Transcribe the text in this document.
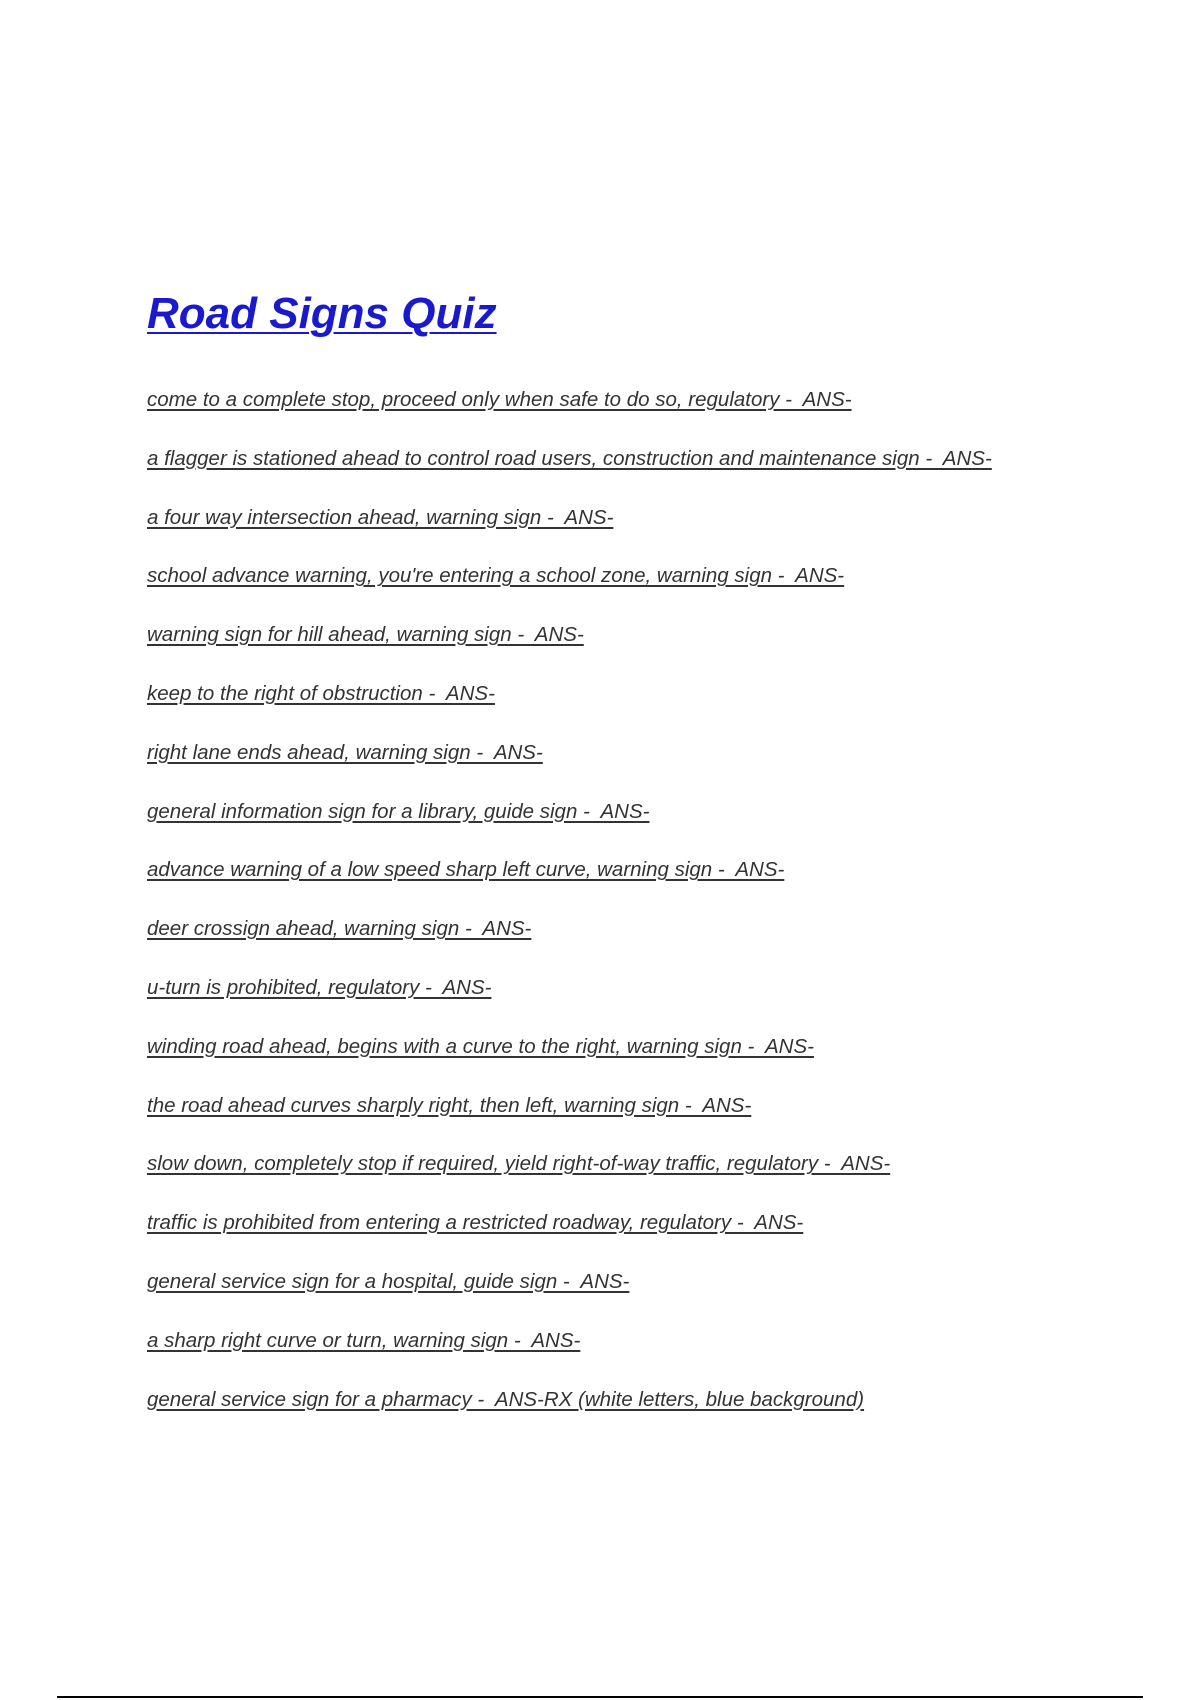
Road Signs Quiz
come to a complete stop, proceed only when safe to do so, regulatory -  ANS-
a flagger is stationed ahead to control road users, construction and maintenance sign -  ANS-
a four way intersection ahead, warning sign -  ANS-
school advance warning, you're entering a school zone, warning sign -  ANS-
warning sign for hill ahead, warning sign -  ANS-
keep to the right of obstruction -  ANS-
right lane ends ahead, warning sign -  ANS-
general information sign for a library, guide sign -  ANS-
advance warning of a low speed sharp left curve, warning sign -  ANS-
deer crossign ahead, warning sign -  ANS-
u-turn is prohibited, regulatory -  ANS-
winding road ahead, begins with a curve to the right, warning sign -  ANS-
the road ahead curves sharply right, then left, warning sign -  ANS-
slow down, completely stop if required, yield right-of-way traffic, regulatory -  ANS-
traffic is prohibited from entering a restricted roadway, regulatory -  ANS-
general service sign for a hospital, guide sign -  ANS-
a sharp right curve or turn, warning sign -  ANS-
general service sign for a pharmacy -  ANS-RX (white letters, blue background)
